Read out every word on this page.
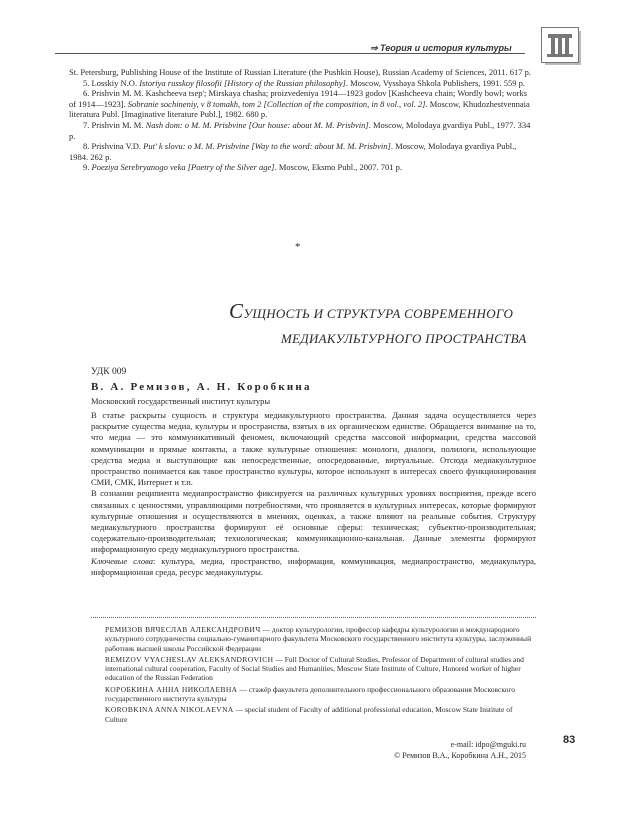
⇒ Теория и история культуры

St. Petersburg, Publishing House of the Institute of Russian Literature (the Pushkin House), Russian Academy of Sciences, 2011. 617 p.

5. Losskiy N.O. Istoriya russkoy filosofii [History of the Russian philosophy]. Moscow, Vysshaya Shkola Publishers, 1991. 559 p.

6. Prishvin M. M. Kashcheeva tsep'; Mirskaya chasha; proizvedeniya 1914—1923 godov [Kashcheeva chain; Wordly bowl; works of 1914—1923]. Sobranie sochineniy, v 8 tomakh, tom 2 [Collection of the composition, in 8 vol., vol. 2]. Moscow, Khudozhestvennaia literatura Publ. [Imaginative literature Publ.], 1982. 680 p.

7. Prishvin M. M. Nash dom: o M. M. Prisbvine [Our house: about M. M. Prisbvin]. Moscow, Molodaya gvardiya Publ., 1977. 334 p.

8. Prishvina V.D. Put' k slovu: o M. M. Prisbvine [Way to the word: about M. M. Prisbvin]. Moscow, Molodaya gvardiya Publ., 1984. 262 p.

9. Poeziya Serebryanogo veka [Poetry of the Silver age]. Moscow, Eksmo Publ., 2007. 701 p.

*
СУЩНОСТЬ И СТРУКТУРА СОВРЕМЕННОГО
МЕДИАКУЛЬТУРНОГО ПРОСТРАНСТВА
УДК 009
В. А. Ремизов, А. Н. Коробкина
Московский государственный институт культуры

В статье раскрыты сущность и структура медиакультурного пространства. Данная задача осуществляется через раскрытие существа медиа, культуры и пространства, взятых в их органическом единстве. Обращается внимание на то, что медиа — это коммуникативный феномен, включающий средства массовой информации, средства массовой коммуникации и прямые контакты, а также культурные отношения: монологи, диалоги, полилоги, использующие средства медиа и выступающие как непосредственные, опосредованные, виртуальные. Отсюда медиакультурное пространство понимается как такое пространство культуры, которое используют в интересах своего функционирования СМИ, СМК, Интернет и т.п.

В сознании реципиента медиапространство фиксируется на различных культурных уровнях восприятия, прежде всего связанных с ценностями, управляющими потребностями, что проявляется в культурных интересах, которые формируют культурные отношения и осуществляются в мнениях, оценках, а также влияют на реальные события. Структуру медиакультурного пространства формируют её основные сферы: техническая; субъектно-производительная; содержательно-производительная; технологическая; коммуникационно-канальная. Данные элементы формируют информационную среду медиакультурного пространства.

Ключевые слова: культура, медиа, пространство, информация, коммуникация, медиапространство, медиакультура, информационная среда, ресурс медиакультуры.

РЕМИЗОВ ВЯЧЕСЛАВ АЛЕКСАНДРОВИЧ — доктор культурологии, профессор кафедры культурологии и международного культурного сотрудничества социально-гуманитарного факультета Московского государственного института культуры, заслуженный работник высшей школы Российской Федерации

REMIZOV VYACHESLAV ALEKSANDROVICH — Full Doctor of Cultural Studies, Professor of Department of cultural studies and international cultural cooperation, Faculty of Social Studies and Humanities, Moscow State Institute of Culture, Honored worker of higher education of the Russian Federation

КОРОБКИНА АННА НИКОЛАЕВНА — стажёр факультета дополнительного профессионального образования Московского государственного института культуры

KOROBKINA ANNA NIKOLAEVNA — special student of Faculty of additional professional education, Moscow State Institute of Culture

83
e-mail: idpo@mguki.ru
© Ремизов В.А., Коробкина А.Н., 2015
